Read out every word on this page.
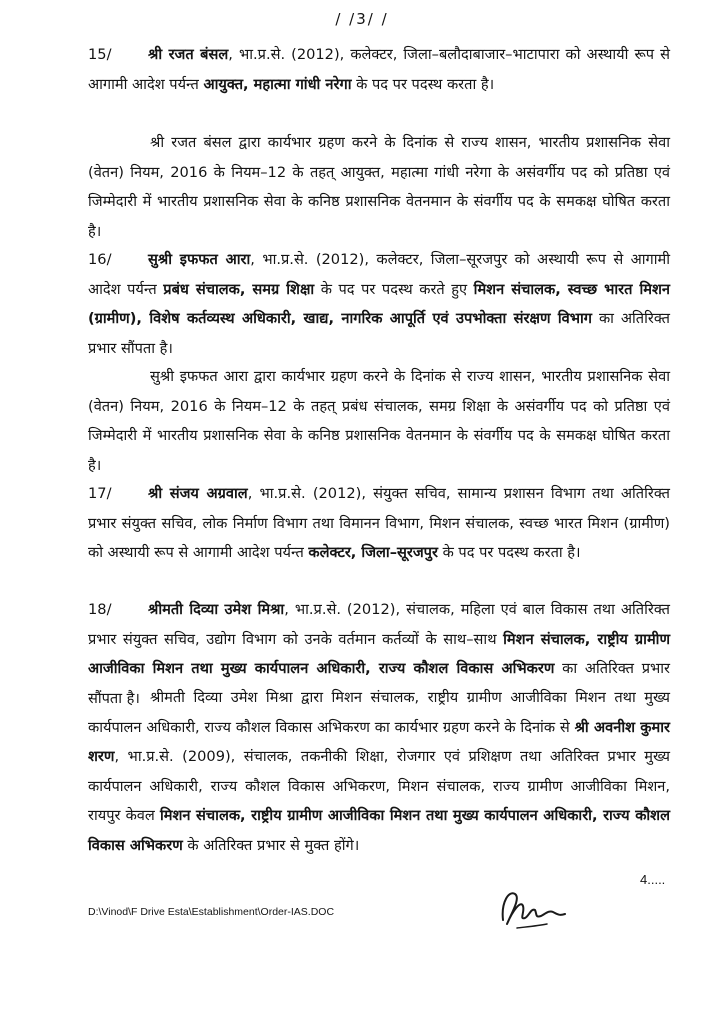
/ /3/ /
15/	श्री रजत बंसल, भा.प्र.से. (2012), कलेक्टर, जिला–बलौदाबाजार–भाटापारा को अस्थायी रूप से आगामी आदेश पर्यन्त आयुक्त, महात्मा गांधी नरेगा के पद पर पदस्थ करता है।
श्री रजत बंसल द्वारा कार्यभार ग्रहण करने के दिनांक से राज्य शासन, भारतीय प्रशासनिक सेवा (वेतन) नियम, 2016 के नियम–12 के तहत् आयुक्त, महात्मा गांधी नरेगा के असंवर्गीय पद को प्रतिष्ठा एवं जिम्मेदारी में भारतीय प्रशासनिक सेवा के कनिष्ठ प्रशासनिक वेतनमान के संवर्गीय पद के समकक्ष घोषित करता है।
16/	सुश्री इफफत आरा, भा.प्र.से. (2012), कलेक्टर, जिला–सूरजपुर को अस्थायी रूप से आगामी आदेश पर्यन्त प्रबंध संचालक, समग्र शिक्षा के पद पर पदस्थ करते हुए मिशन संचालक, स्वच्छ भारत मिशन (ग्रामीण), विशेष कर्तव्यस्थ अधिकारी, खाद्य, नागरिक आपूर्ति एवं उपभोक्ता संरक्षण विभाग का अतिरिक्त प्रभार सौंपता है।
सुश्री इफफत आरा द्वारा कार्यभार ग्रहण करने के दिनांक से राज्य शासन, भारतीय प्रशासनिक सेवा (वेतन) नियम, 2016 के नियम–12 के तहत् प्रबंध संचालक, समग्र शिक्षा के असंवर्गीय पद को प्रतिष्ठा एवं जिम्मेदारी में भारतीय प्रशासनिक सेवा के कनिष्ठ प्रशासनिक वेतनमान के संवर्गीय पद के समकक्ष घोषित करता है।
17/	श्री संजय अग्रवाल, भा.प्र.से. (2012), संयुक्त सचिव, सामान्य प्रशासन विभाग तथा अतिरिक्त प्रभार संयुक्त सचिव, लोक निर्माण विभाग तथा विमानन विभाग, मिशन संचालक, स्वच्छ भारत मिशन (ग्रामीण) को अस्थायी रूप से आगामी आदेश पर्यन्त कलेक्टर, जिला–सूरजपुर के पद पर पदस्थ करता है।
18/	श्रीमती दिव्या उमेश मिश्रा, भा.प्र.से. (2012), संचालक, महिला एवं बाल विकास तथा अतिरिक्त प्रभार संयुक्त सचिव, उद्योग विभाग को उनके वर्तमान कर्तव्यों के साथ–साथ मिशन संचालक, राष्ट्रीय ग्रामीण आजीविका मिशन तथा मुख्य कार्यपालन अधिकारी, राज्य कौशल विकास अभिकरण का अतिरिक्त प्रभार सौंपता है। श्रीमती दिव्या उमेश मिश्रा द्वारा मिशन संचालक, राष्ट्रीय ग्रामीण आजीविका मिशन तथा मुख्य कार्यपालन अधिकारी, राज्य कौशल विकास अभिकरण का कार्यभार ग्रहण करने के दिनांक से श्री अवनीश कुमार शरण, भा.प्र.से. (2009), संचालक, तकनीकी शिक्षा, रोजगार एवं प्रशिक्षण तथा अतिरिक्त प्रभार मुख्य कार्यपालन अधिकारी, राज्य कौशल विकास अभिकरण, मिशन संचालक, राज्य ग्रामीण आजीविका मिशन, रायपुर केवल मिशन संचालक, राष्ट्रीय ग्रामीण आजीविका मिशन तथा मुख्य कार्यपालन अधिकारी, राज्य कौशल विकास अभिकरण के अतिरिक्त प्रभार से मुक्त होंगे।
4.....
D:\Vinod\F Drive Esta\Establishment\Order-IAS.DOC
